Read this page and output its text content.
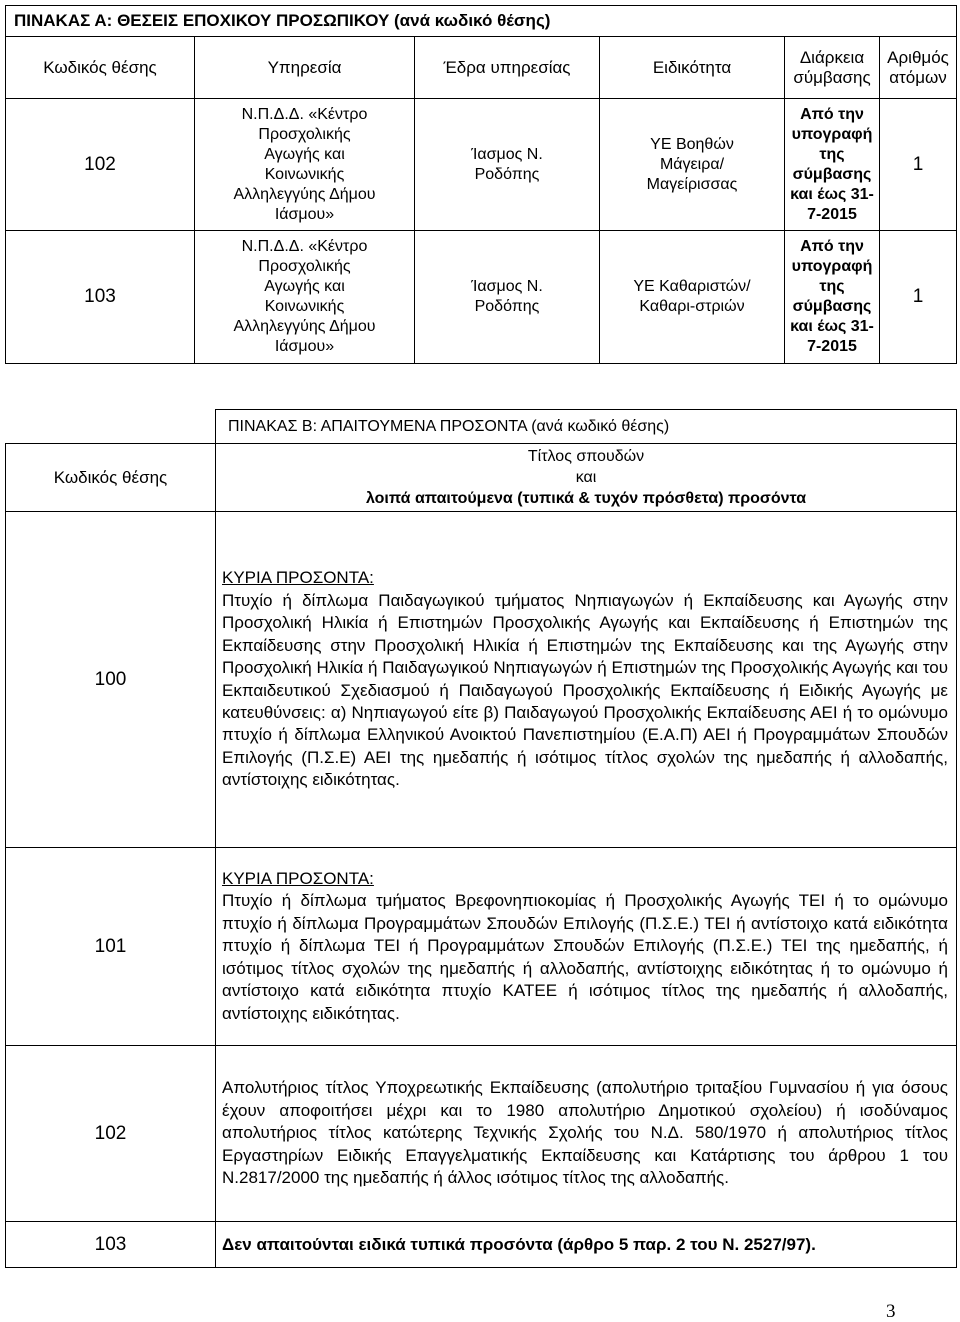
ΠΙΝΑΚΑΣ Α: ΘΕΣΕΙΣ ΕΠΟΧΙΚΟΥ ΠΡΟΣΩΠΙΚΟΥ (ανά κωδικό θέσης)					
Κωδικός θέσης	Υπηρεσία	Έδρα υπηρεσίας	Ειδικότητα	Διάρκεια σύμβασης	Αριθμός ατόμων
102	Ν.Π.Δ.Δ. «Κέντρο Προσχολικής Αγωγής και Κοινωνικής Αλληλεγγύης Δήμου Ιάσμου»	Ίασμος Ν. Ροδόπης	ΥΕ Βοηθών Μάγειρα/Μαγείρισσας	Από την υπογραφή της σύμβασης και έως 31-7-2015	1
103	Ν.Π.Δ.Δ. «Κέντρο Προσχολικής Αγωγής και Κοινωνικής Αλληλεγγύης Δήμου Ιάσμου»	Ίασμος Ν. Ροδόπης	ΥΕ Καθαριστών/Καθαρι-στριών	Από την υπογραφή της σύμβασης και έως 31-7-2015	1
	ΠΙΝΑΚΑΣ Β: ΑΠΑΙΤΟΥΜΕΝΑ ΠΡΟΣΟΝΤΑ (ανά κωδικό θέσης)
Κωδικός θέσης	Τίτλος σπουδών
και
λοιπά απαιτούμενα (τυπικά & τυχόν πρόσθετα) προσόντα

100	ΚΥΡΙΑ ΠΡΟΣΟΝΤΑ:
Πτυχίο ή δίπλωμα Παιδαγωγικού τμήματος Νηπιαγωγών ή Εκπαίδευσης και Αγωγής στην Προσχολική Ηλικία ή Επιστημών Προσχολικής Αγωγής και Εκπαίδευσης ή Επιστημών της Εκπαίδευσης στην Προσχολική Ηλικία ή Επιστημών της Εκπαίδευσης και της Αγωγής στην Προσχολική Ηλικία ή Παιδαγωγικού Νηπιαγωγών ή Επιστημών της Προσχολικής Αγωγής και του Εκπαιδευτικού Σχεδιασμού ή Παιδαγωγού Προσχολικής Εκπαίδευσης ή Ειδικής Αγωγής με κατευθύνσεις: α) Νηπιαγωγού είτε β) Παιδαγωγού Προσχολικής Εκπαίδευσης ΑΕΙ ή το ομώνυμο πτυχίο ή δίπλωμα Ελληνικού Ανοικτού Πανεπιστημίου (Ε.Α.Π) ΑΕΙ ή Προγραμμάτων Σπουδών Επιλογής (Π.Σ.Ε) ΑΕΙ της ημεδαπής ή ισότιμος τίτλος σχολών της ημεδαπής ή αλλοδαπής, αντίστοιχης ειδικότητας.

101	ΚΥΡΙΑ ΠΡΟΣΟΝΤΑ:
Πτυχίο ή δίπλωμα τμήματος Βρεφονηπιοκομίας ή Προσχολικής Αγωγής ΤΕΙ ή το ομώνυμο πτυχίο ή δίπλωμα Προγραμμάτων Σπουδών Επιλογής (Π.Σ.Ε.) ΤΕΙ ή αντίστοιχο κατά ειδικότητα πτυχίο ή δίπλωμα ΤΕΙ ή Προγραμμάτων Σπουδών Επιλογής (Π.Σ.Ε.) ΤΕΙ της ημεδαπής, ή ισότιμος τίτλος σχολών της ημεδαπής ή αλλοδαπής, αντίστοιχης ειδικότητας ή το ομώνυμο ή αντίστοιχο κατά ειδικότητα πτυχίο ΚΑΤΕΕ ή ισότιμος τίτλος της ημεδαπής ή αλλοδαπής, αντίστοιχης ειδικότητας.

102	Απολυτήριος τίτλος Υποχρεωτικής Εκπαίδευσης (απολυτήριο τριταξίου Γυμνασίου ή για όσους έχουν αποφοιτήσει μέχρι και το 1980 απολυτήριο Δημοτικού σχολείου) ή ισοδύναμος απολυτήριος τίτλος κατώτερης Τεχνικής Σχολής του Ν.Δ. 580/1970 ή απολυτήριος τίτλος Εργαστηρίων Ειδικής Επαγγελματικής Εκπαίδευσης και Κατάρτισης του άρθρου 1 του Ν.2817/2000 της ημεδαπής ή άλλος ισότιμος τίτλος της αλλοδαπής.

103	Δεν απαιτούνται ειδικά τυπικά προσόντα (άρθρο 5 παρ. 2 του Ν. 2527/97).
3
